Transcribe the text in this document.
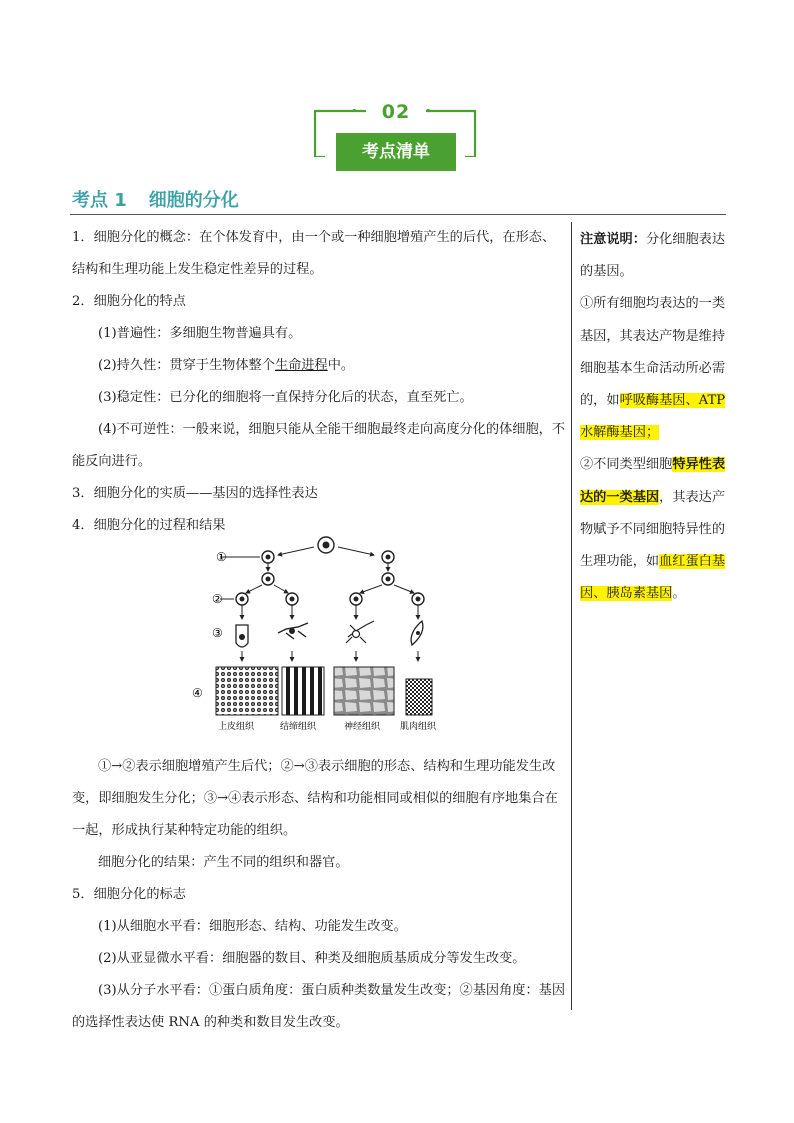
02
考点清单
考点 1 细胞的分化

1．细胞分化的概念：在个体发育中，由一个或一种细胞增殖产生的后代，在形态、结构和生理功能上发生稳定性差异的过程。

2．细胞分化的特点

(1)普遍性：多细胞生物普遍具有。

(2)持久性：贯穿于生物体整个生命进程中。

(3)稳定性：已分化的细胞将一直保持分化后的状态，直至死亡。

(4)不可逆性：一般来说，细胞只能从全能干细胞最终走向高度分化的体细胞，不能反向进行。

3．细胞分化的实质——基因的选择性表达

4．细胞分化的过程和结果

①→②表示细胞增殖产生后代；②→③表示细胞的形态、结构和生理功能发生改变，即细胞发生分化；③→④表示形态、结构和功能相同或相似的细胞有序地集合在一起，形成执行某种特定功能的组织。

细胞分化的结果：产生不同的组织和器官。

5．细胞分化的标志

(1)从细胞水平看：细胞形态、结构、功能发生改变。

(2)从亚显微水平看：细胞器的数目、种类及细胞质基质成分等发生改变。

(3)从分子水平看：①蛋白质角度：蛋白质种类数量发生改变；②基因角度：基因的选择性表达使 RNA 的种类和数目发生改变。

①
②
③
④
上皮组织	结缔组织	神经组织 肌肉组织

注意说明：分化细胞表达的基因。

①所有细胞均表达的一类基因，其表达产物是维持细胞基本生命活动所必需的，如呼吸酶基因、ATP 水解酶基因；

②不同类型细胞特异性表达的一类基因，其表达产物赋予不同细胞特异性的生理功能，如血红蛋白基因、胰岛素基因。
